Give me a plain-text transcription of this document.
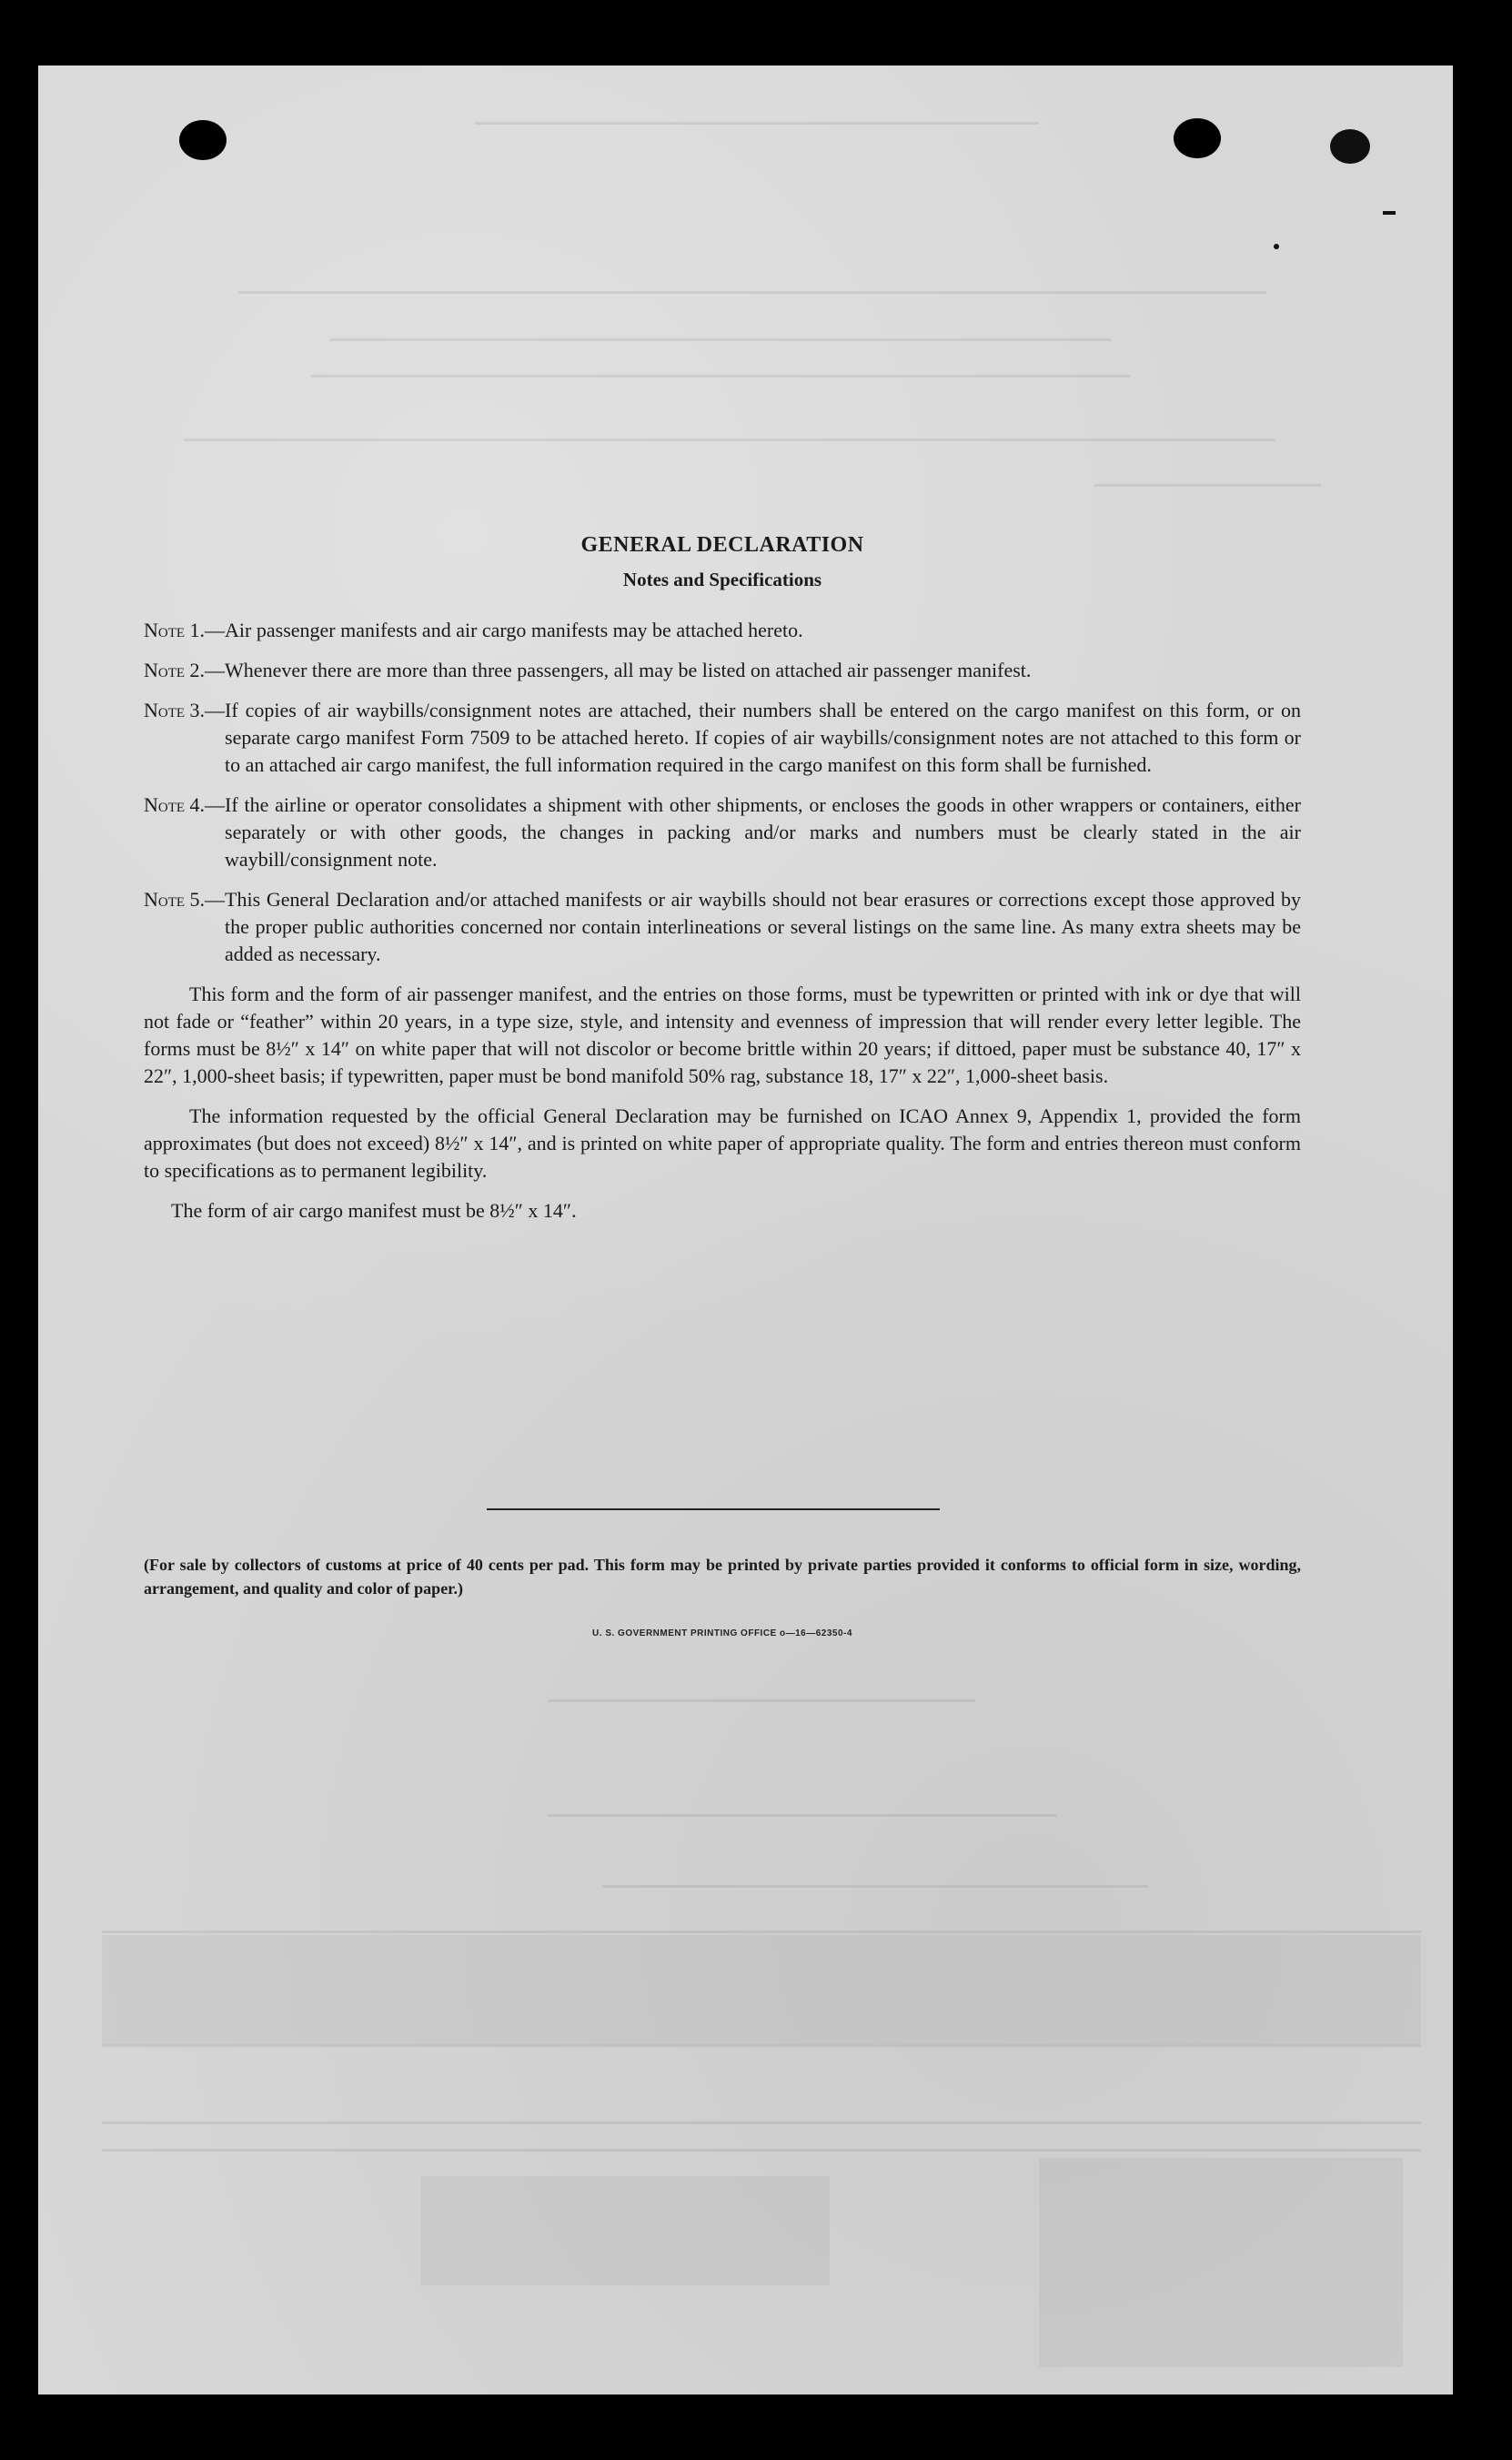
GENERAL DECLARATION
Notes and Specifications
Note 1. — Air passenger manifests and air cargo manifests may be attached hereto.
Note 2. — Whenever there are more than three passengers, all may be listed on attached air passenger manifest.
Note 3. — If copies of air waybills/consignment notes are attached, their numbers shall be entered on the cargo manifest on this form, or on separate cargo manifest Form 7509 to be attached hereto. If copies of air waybills/consignment notes are not attached to this form or to an attached air cargo manifest, the full information required in the cargo manifest on this form shall be furnished.
Note 4. — If the airline or operator consolidates a shipment with other shipments, or encloses the goods in other wrappers or containers, either separately or with other goods, the changes in packing and/or marks and numbers must be clearly stated in the air waybill/consignment note.
Note 5. — This General Declaration and/or attached manifests or air waybills should not bear erasures or corrections except those approved by the proper public authorities concerned nor contain interlineations or several listings on the same line. As many extra sheets may be added as necessary.
This form and the form of air passenger manifest, and the entries on those forms, must be typewritten or printed with ink or dye that will not fade or “feather” within 20 years, in a type size, style, and intensity and evenness of impression that will render every letter legible. The forms must be 8½″ x 14″ on white paper that will not discolor or become brittle within 20 years; if dittoed, paper must be substance 40, 17″ x 22″, 1,000-sheet basis; if typewritten, paper must be bond manifold 50% rag, substance 18, 17″ x 22″, 1,000-sheet basis.
The information requested by the official General Declaration may be furnished on ICAO Annex 9, Appendix 1, provided the form approximates (but does not exceed) 8½″ x 14″, and is printed on white paper of appropriate quality. The form and entries thereon must conform to specifications as to permanent legibility.
The form of air cargo manifest must be 8½″ x 14″.
(For sale by collectors of customs at price of 40 cents per pad. This form may be printed by private parties provided it conforms to official form in size, wording, arrangement, and quality and color of paper.)
U. S. GOVERNMENT PRINTING OFFICE o—16—62350-4
